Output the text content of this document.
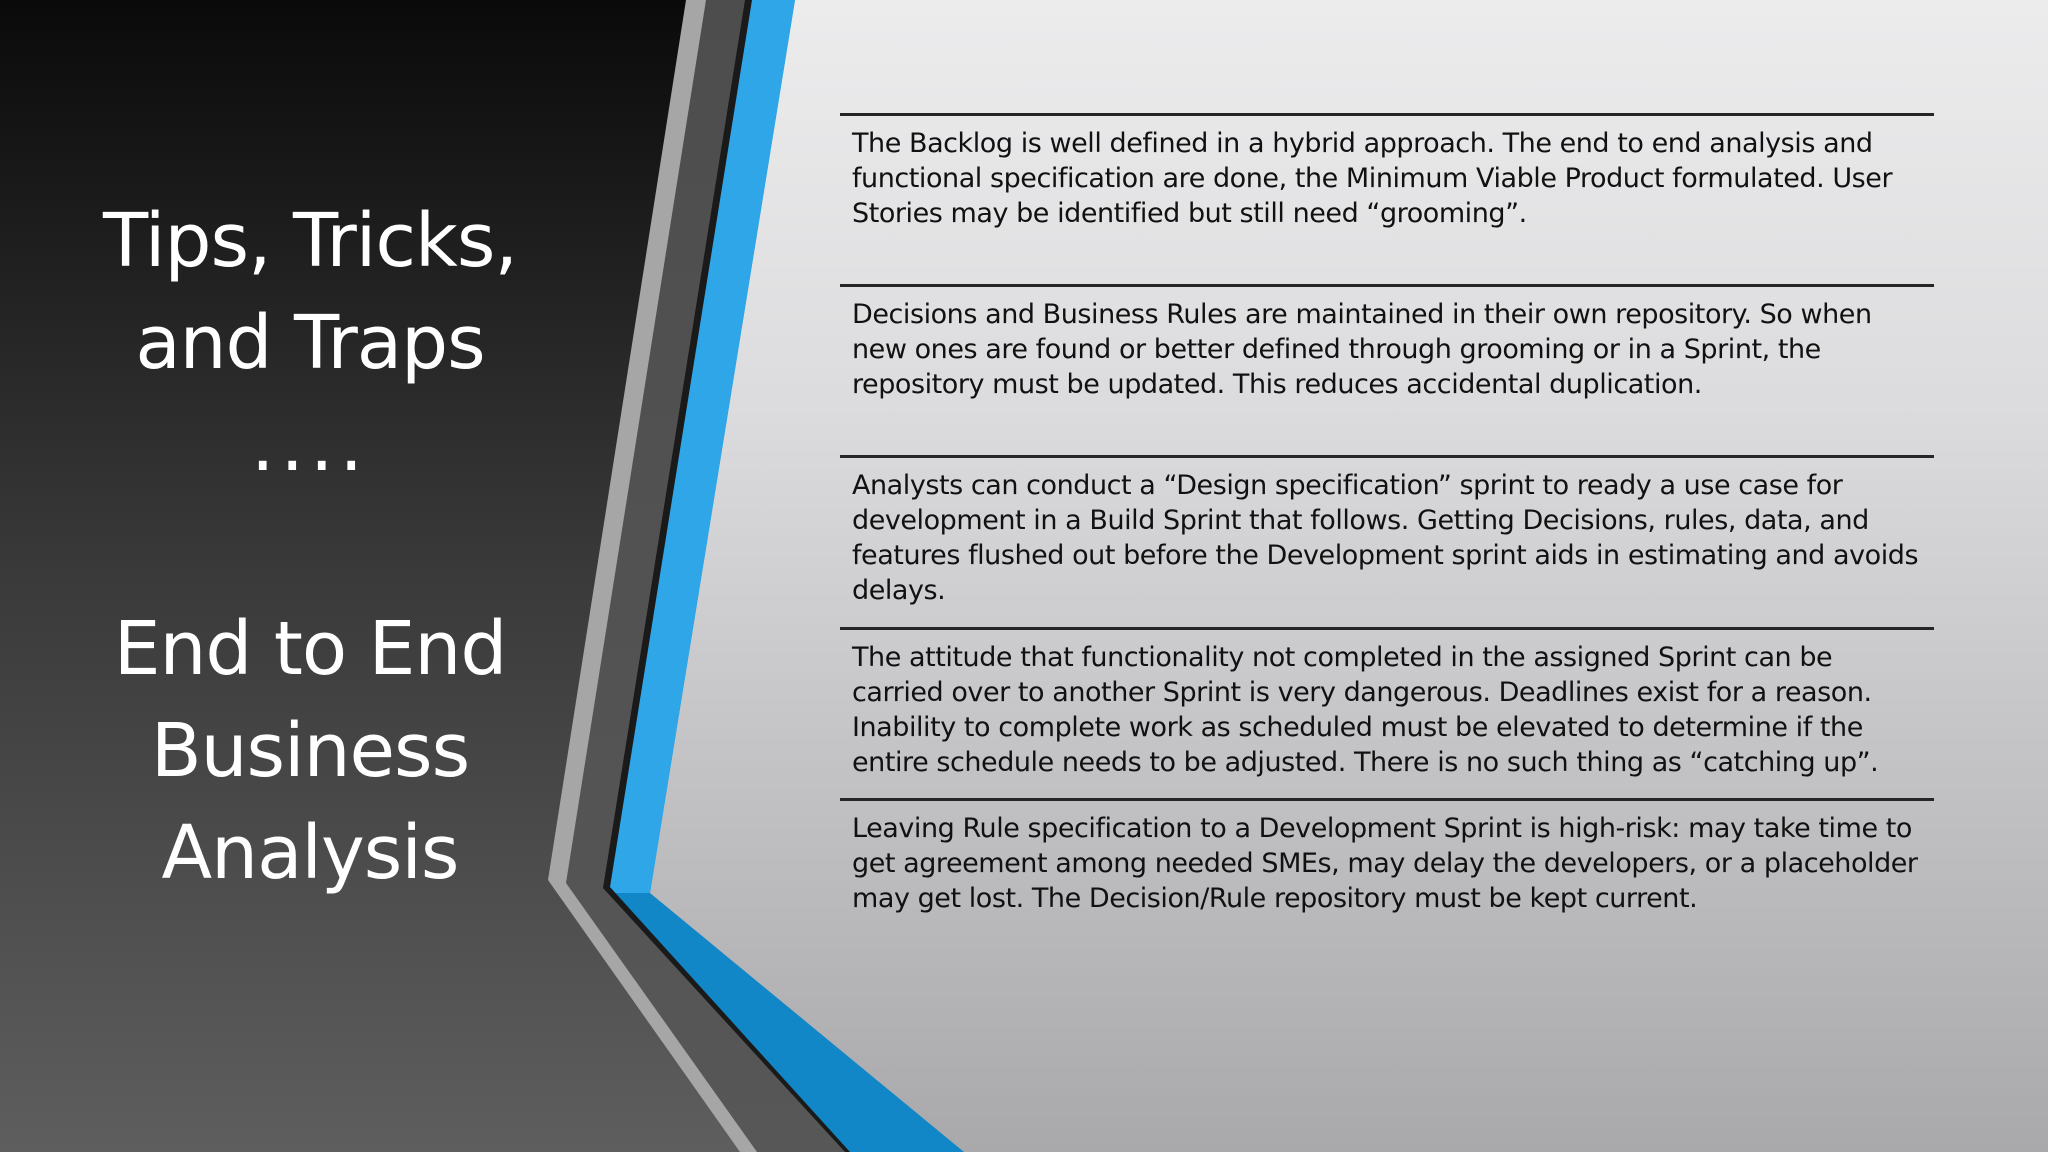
Tips, Tricks,
and Traps
....
End to End
Business
Analysis

The Backlog is well defined in a hybrid approach. The end to end analysis and functional specification are done, the Minimum Viable Product formulated. User Stories may be identified but still need “grooming”.

Decisions and Business Rules are maintained in their own repository. So when new ones are found or better defined through grooming or in a Sprint, the repository must be updated. This reduces accidental duplication.

Analysts can conduct a “Design specification” sprint to ready a use case for development in a Build Sprint that follows. Getting Decisions, rules, data, and features flushed out before the Development sprint aids in estimating and avoids delays.

The attitude that functionality not completed in the assigned Sprint can be carried over to another Sprint is very dangerous. Deadlines exist for a reason. Inability to complete work as scheduled must be elevated to determine if the entire schedule needs to be adjusted. There is no such thing as “catching up”.

Leaving Rule specification to a Development Sprint is high-risk: may take time to get agreement among needed SMEs, may delay the developers, or a placeholder may get lost. The Decision/Rule repository must be kept current.
